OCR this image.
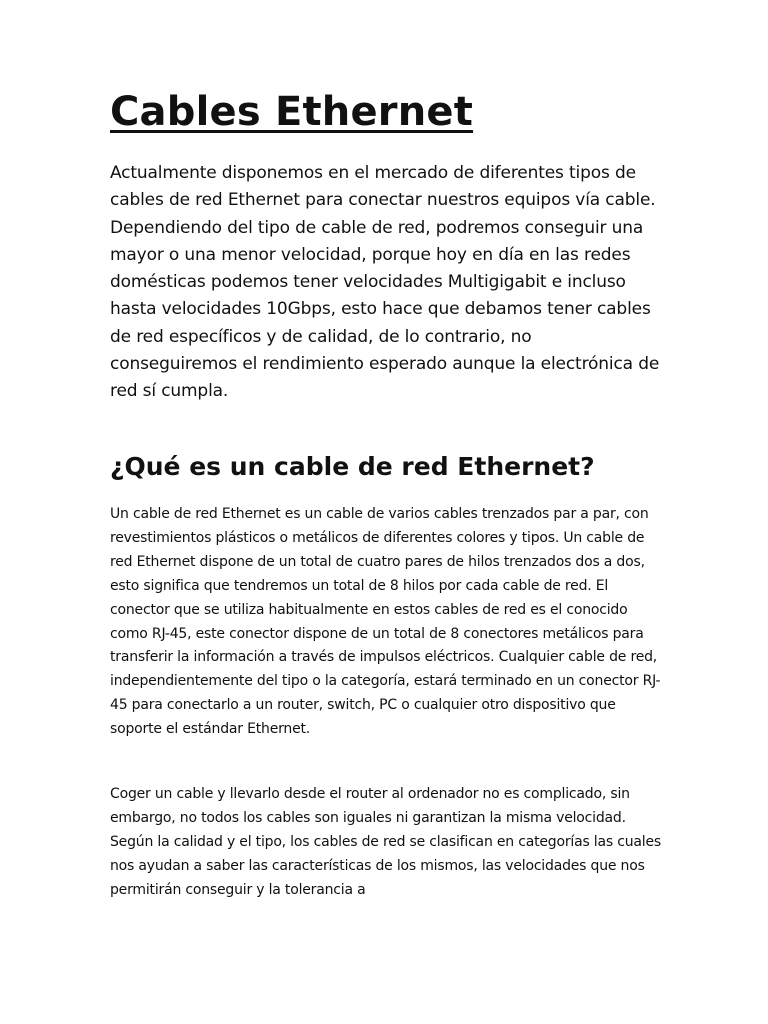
Cables Ethernet

Actualmente disponemos en el mercado de diferentes tipos de cables de red Ethernet para conectar nuestros equipos vía cable. Dependiendo del tipo de cable de red, podremos conseguir una mayor o una menor velocidad, porque hoy en día en las redes domésticas podemos tener velocidades Multigigabit e incluso hasta velocidades 10Gbps, esto hace que debamos tener cables de red específicos y de calidad, de lo contrario, no conseguiremos el rendimiento esperado aunque la electrónica de red sí cumpla.

¿Qué es un cable de red Ethernet?

Un cable de red Ethernet es un cable de varios cables trenzados par a par, con revestimientos plásticos o metálicos de diferentes colores y tipos. Un cable de red Ethernet dispone de un total de cuatro pares de hilos trenzados dos a dos, esto significa que tendremos un total de 8 hilos por cada cable de red. El conector que se utiliza habitualmente en estos cables de red es el conocido como RJ-45, este conector dispone de un total de 8 conectores metálicos para transferir la información a través de impulsos eléctricos. Cualquier cable de red, independientemente del tipo o la categoría, estará terminado en un conector RJ-45 para conectarlo a un router, switch, PC o cualquier otro dispositivo que soporte el estándar Ethernet.

Coger un cable y llevarlo desde el router al ordenador no es complicado, sin embargo, no todos los cables son iguales ni garantizan la misma velocidad. Según la calidad y el tipo, los cables de red se clasifican en categorías las cuales nos ayudan a saber las características de los mismos, las velocidades que nos permitirán conseguir y la tolerancia a
